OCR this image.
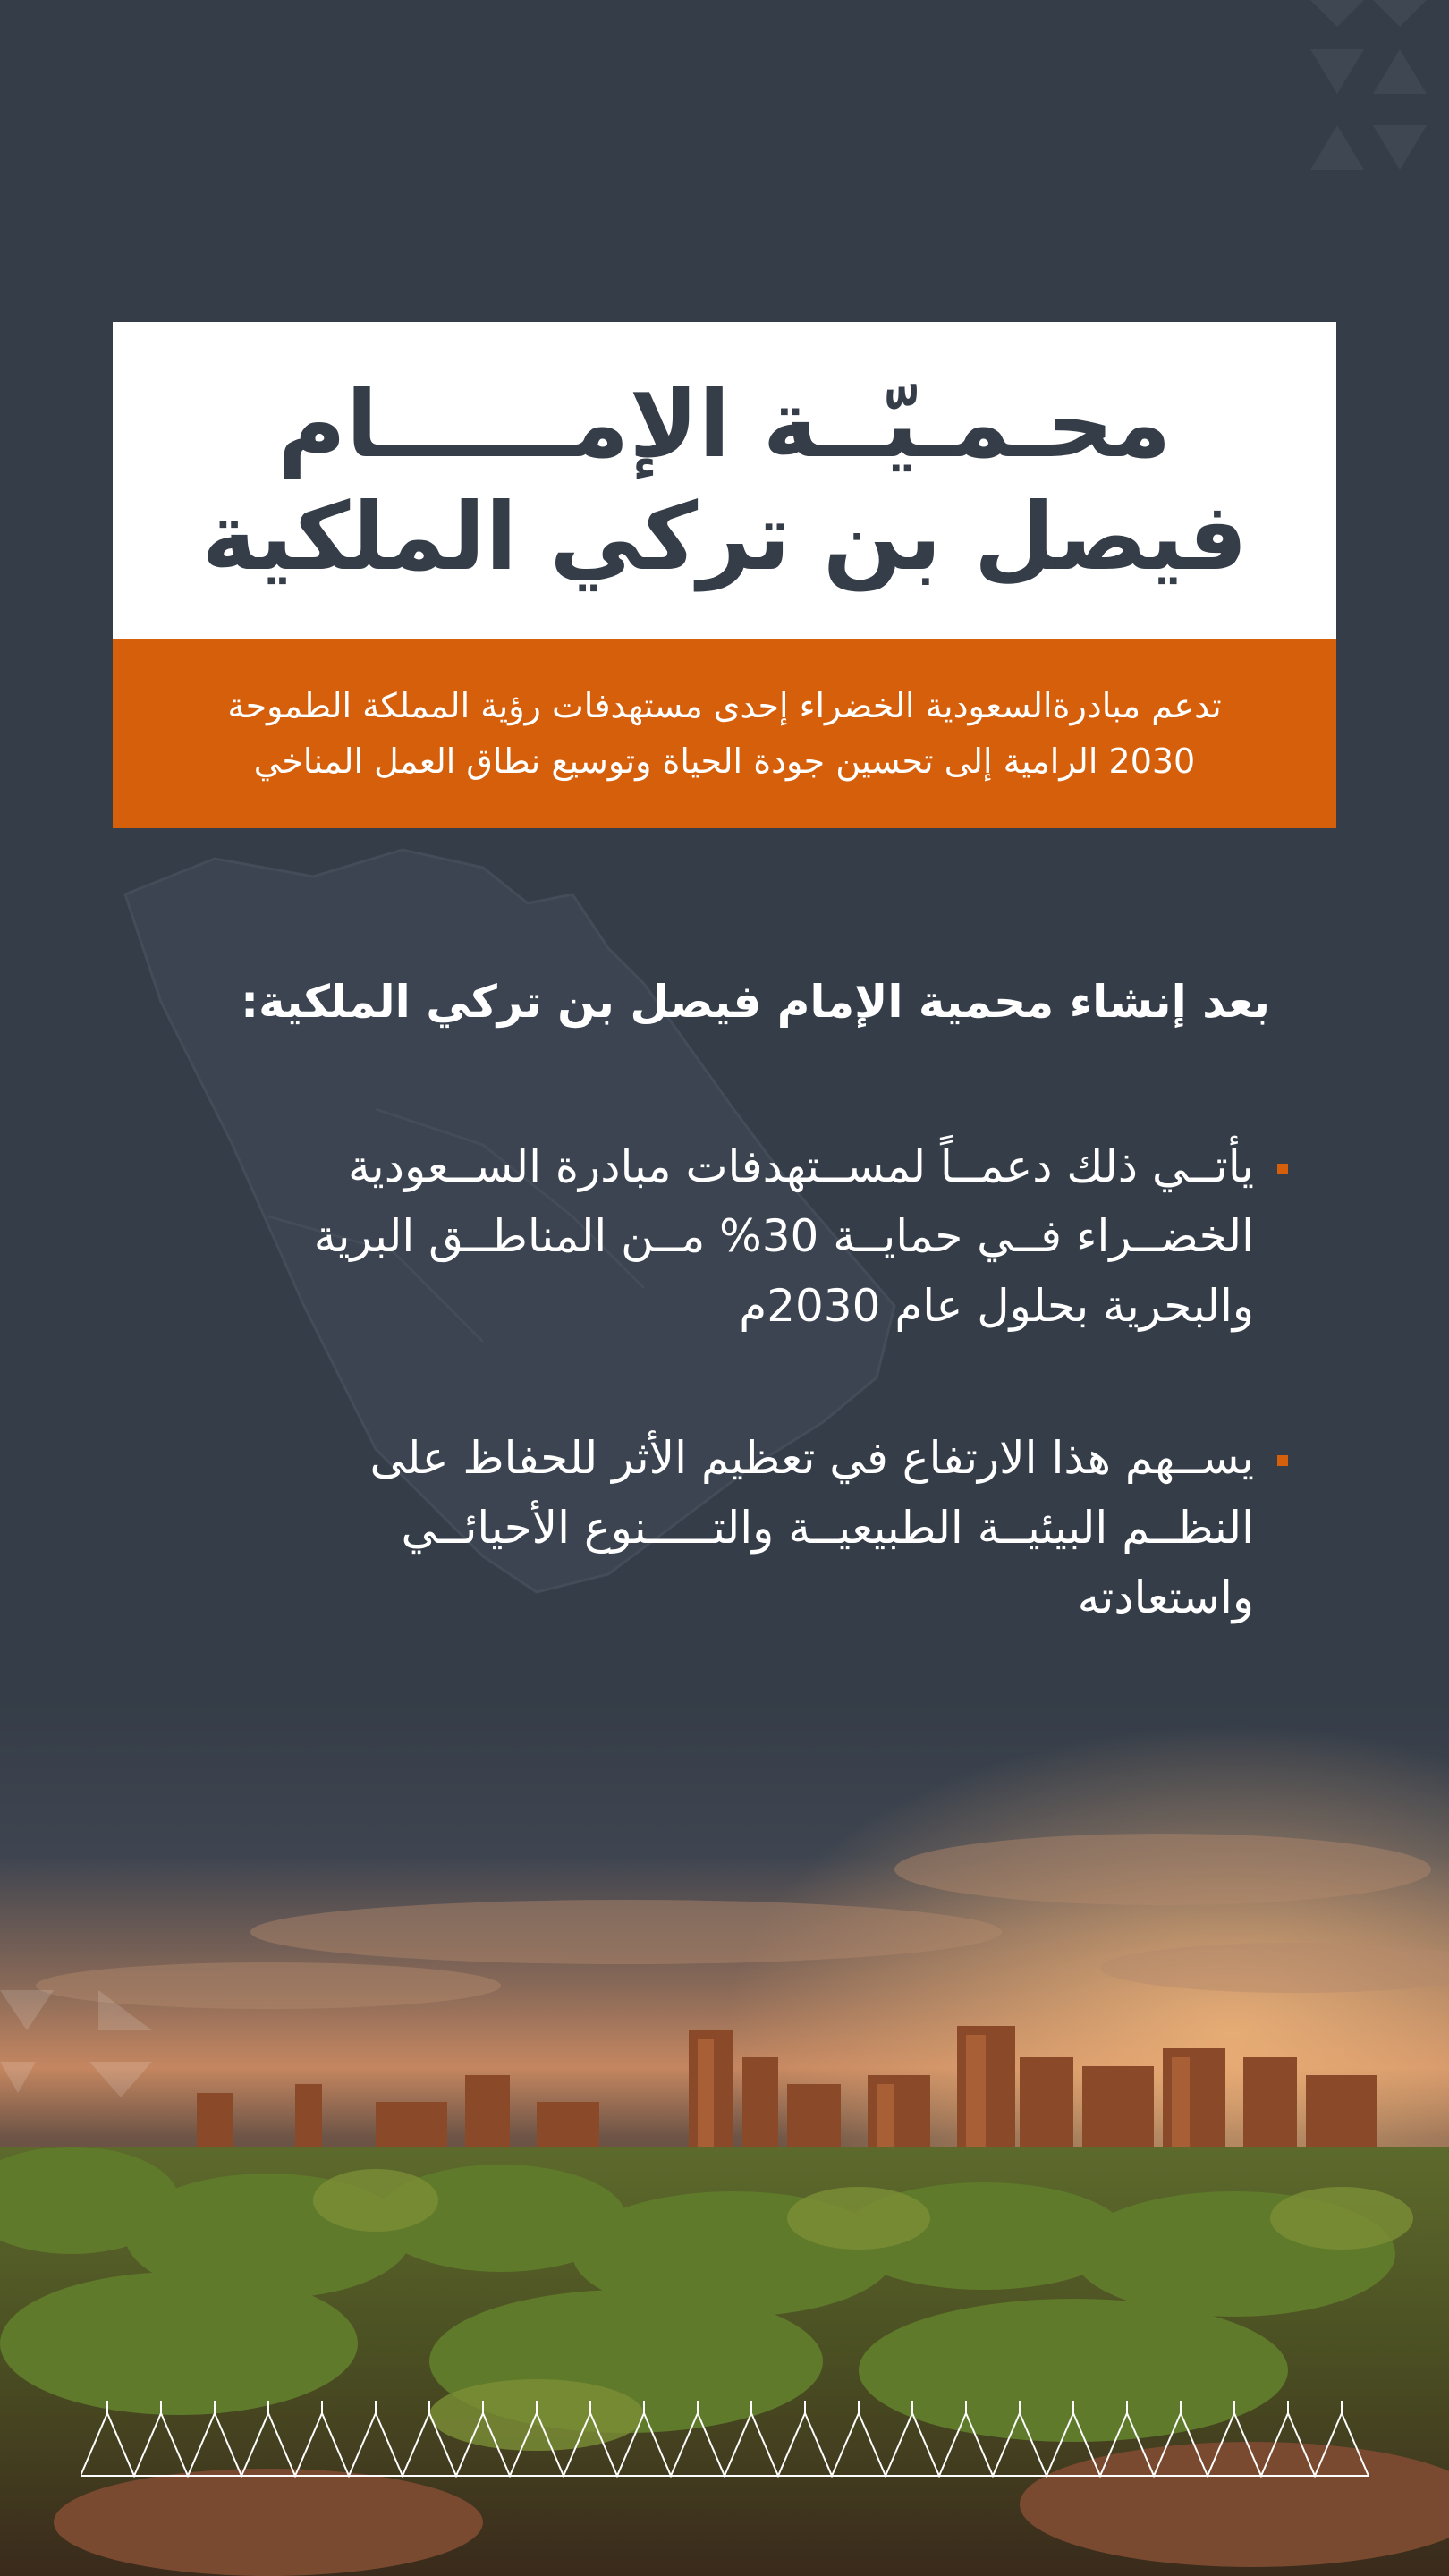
محـمـيّــة الإمــــــام
فيصل بن تركي الملكية
تدعم مبادرةالسعودية الخضراء إحدى مستهدفات رؤية المملكة الطموحة
2030 الرامية إلى تحسين جودة الحياة وتوسيع نطاق العمل المناخي
بعد إنشاء محمية الإمام فيصل بن تركي الملكية:
يأتــي ذلك دعمــاً لمســتهدفات مبادرة الســعودية
الخضــراء فــي حمايــة 30% مــن المناطــق البرية
والبحرية بحلول عام 2030م
يســهم هذا الارتفاع في تعظيم الأثر للحفاظ على
النظــم البيئيــة الطبيعيــة والتـــــنوع الأحيائــي
واستعادته
